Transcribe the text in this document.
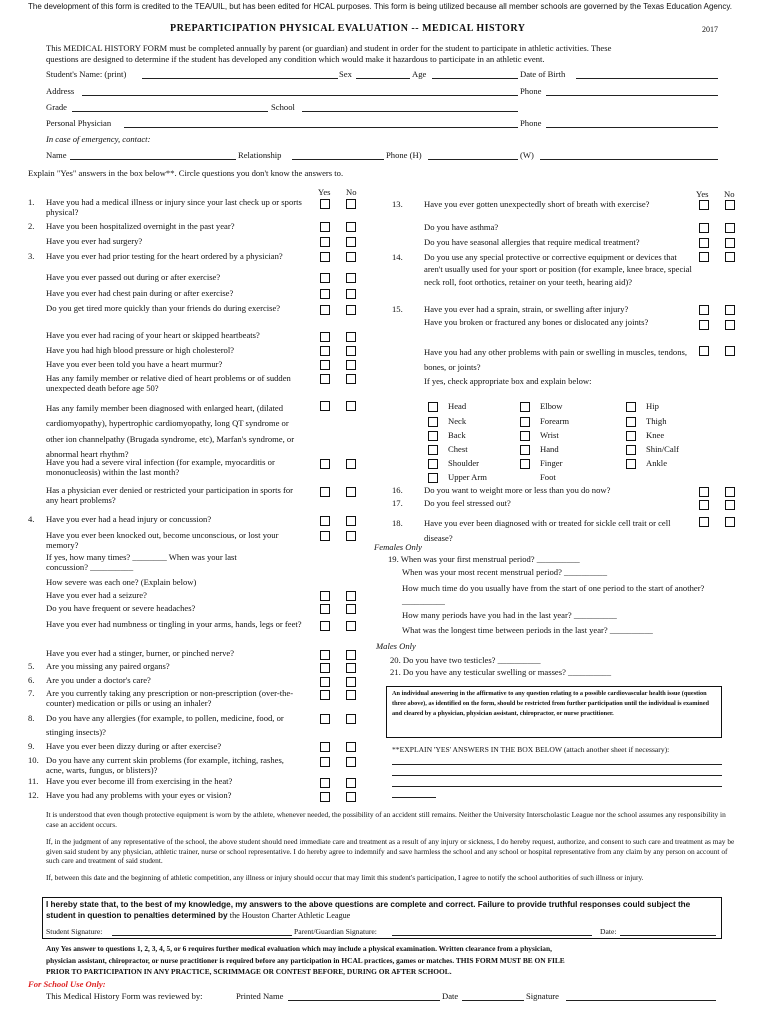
The development of this form is credited to the TEA/UIL, but has been edited for HCAL purposes. This form is being utilized because all member schools are governed by the Texas Education Agency.
PREPARTICIPATION PHYSICAL EVALUATION -- MEDICAL HISTORY	2017
This MEDICAL HISTORY FORM must be completed annually by parent (or guardian) and student in order for the student to participate in athletic activities. These
questions are designed to determine if the student has developed any condition which would make it hazardous to participate in an athletic event.
Student's Name: (print)	Sex	Age	Date of Birth
Address	Phone
Grade	School
Personal Physician	Phone
In case of emergency, contact:
Name	Relationship	Phone (H)	(W)
Explain "Yes" answers in the box below**. Circle questions you don't know the answers to.
Yes No	Yes No
1. Have you had a medical illness or injury since your last check up or sports physical?
2. Have you been hospitalized overnight in the past year?
Have you ever had surgery?
3. Have you ever had prior testing for the heart ordered by a physician?
Have you ever passed out during or after exercise?
Have you ever had chest pain during or after exercise?
Do you get tired more quickly than your friends do during exercise?
Have you ever had racing of your heart or skipped heartbeats?
Have you had high blood pressure or high cholesterol?
Have you ever been told you have a heart murmur?
Has any family member or relative died of heart problems or of sudden unexpected death before age 50?
Has any family member been diagnosed with enlarged heart, (dilated cardiomyopathy), hypertrophic cardiomyopathy, long QT syndrome or other ion channelpathy (Brugada syndrome, etc), Marfan's syndrome, or abnormal heart rhythm?
Have you had a severe viral infection (for example, myocarditis or mononucleosis) within the last month?
Has a physician ever denied or restricted your participation in sports for any heart problems?
4. Have you ever had a head injury or concussion?
Have you ever been knocked out, become unconscious, or lost your memory?
If yes, how many times? ________ When was your last concussion? __________
How severe was each one? (Explain below)
Have you ever had a seizure?
Do you have frequent or severe headaches?
Have you ever had numbness or tingling in your arms, hands, legs or feet?
Have you ever had a stinger, burner, or pinched nerve?
5. Are you missing any paired organs?
6. Are you under a doctor's care?
7. Are you currently taking any prescription or non-prescription (over-the-counter) medication or pills or using an inhaler?
8. Do you have any allergies (for example, to pollen, medicine, food, or stinging insects)?
9. Have you ever been dizzy during or after exercise?
10. Do you have any current skin problems (for example, itching, rashes, acne, warts, fungus, or blisters)?
11. Have you ever become ill from exercising in the heat?
12. Have you had any problems with your eyes or vision?
13. Have you ever gotten unexpectedly short of breath with exercise?
Do you have asthma?
Do you have seasonal allergies that require medical treatment?
14. Do you use any special protective or corrective equipment or devices that aren't usually used for your sport or position (for example, knee brace, special neck roll, foot orthotics, retainer on your teeth, hearing aid)?
15. Have you ever had a sprain, strain, or swelling after injury?
Have you broken or fractured any bones or dislocated any joints?
Have you had any other problems with pain or swelling in muscles, tendons, bones, or joints?
If yes, check appropriate box and explain below:
16. Do you want to weight more or less than you do now?
17. Do you feel stressed out?
18. Have you ever been diagnosed with or treated for sickle cell trait or cell disease?
Head	Elbow	Hip
Neck	Forearm	Thigh
Back	Wrist	Knee
Chest	Hand	Shin/Calf
Shoulder	Finger	Ankle
Upper Arm	Foot
Females Only
19. When was your first menstrual period? __________
When was your most recent menstrual period? __________
How much time do you usually have from the start of one period to the start of another? __________
How many periods have you had in the last year? __________
What was the longest time between periods in the last year? __________
Males Only
20. Do you have two testicles? __________
21. Do you have any testicular swelling or masses? __________
An individual answering in the affirmative to any question relating to a possible cardiovascular health issue (question three above), as identified on the form, should be restricted from further participation until the individual is examined and cleared by a physician, physician assistant, chiropractor, or nurse practitioner.
**EXPLAIN 'YES' ANSWERS IN THE BOX BELOW (attach another sheet if necessary):
It is understood that even though protective equipment is worn by the athlete, whenever needed, the possibility of an accident still remains. Neither the University Interscholastic League nor the school assumes any responsibility in case an accident occurs.
If, in the judgment of any representative of the school, the above student should need immediate care and treatment as a result of any injury or sickness, I do hereby request, authorize, and consent to such care and treatment as may be given said student by any physician, athletic trainer, nurse or school representative. I do hereby agree to indemnify and save harmless the school and any school or hospital representative from any claim by any person on account of such care and treatment of said student.
If, between this date and the beginning of athletic competition, any illness or injury should occur that may limit this student's participation, I agree to notify the school authorities of such illness or injury.
I hereby state that, to the best of my knowledge, my answers to the above questions are complete and correct. Failure to provide truthful responses could subject the student in question to penalties determined by the Houston Charter Athletic League
Student Signature:	Parent/Guardian Signature:	Date:
Any Yes answer to questions 1, 2, 3, 4, 5, or 6 requires further medical evaluation which may include a physical examination. Written clearance from a physician,
physician assistant, chiropractor, or nurse practitioner is required before any participation in HCAL practices, games or matches. THIS FORM MUST BE ON FILE
PRIOR TO PARTICIPATION IN ANY PRACTICE, SCRIMMAGE OR CONTEST BEFORE, DURING OR AFTER SCHOOL.
For School Use Only:
This Medical History Form was reviewed by:	Printed Name	Date	Signature
